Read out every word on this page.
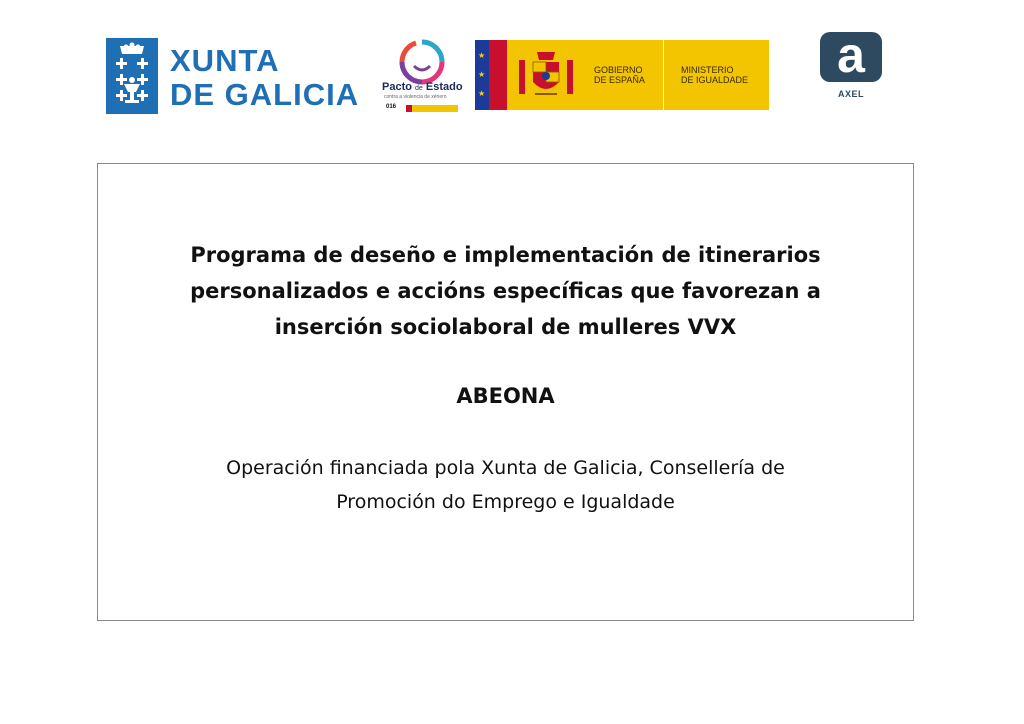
XUNTA
DE GALICIA Pacto de Estado
contra a violencia de xénero
016
★
★
★
GOBIERNO
DE ESPAÑA
MINISTERIO
DE IGUALDADE	a
AXEL
Programa de deseño e implementación de itinerarios
personalizados e accións específicas que favorezan a
inserción sociolaboral de mulleres VVX
ABEONA
Operación financiada pola Xunta de Galicia, Consellería de
Promoción do Emprego e Igualdade
